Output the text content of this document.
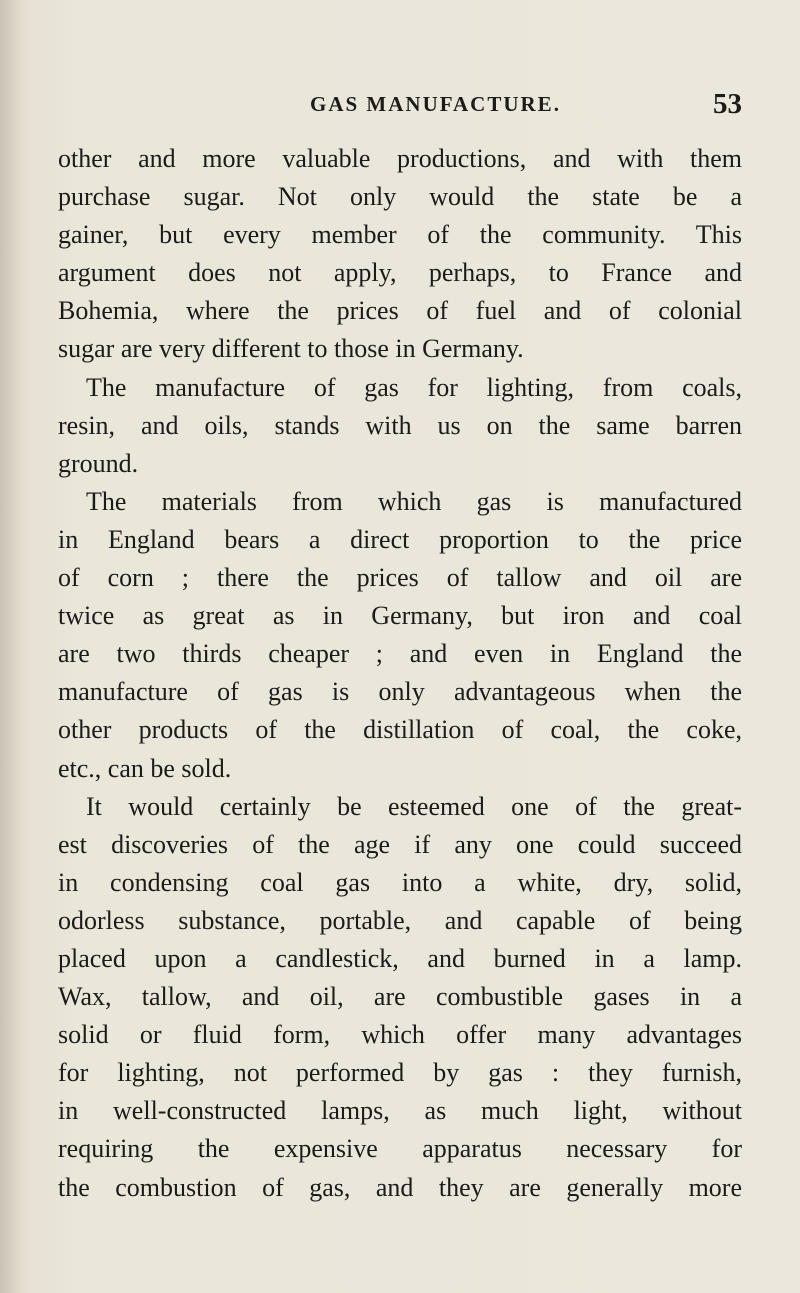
GAS MANUFACTURE.	53
other and more valuable productions, and with them
purchase sugar. Not only would the state be a
gainer, but every member of the community. This
argument does not apply, perhaps, to France and
Bohemia, where the prices of fuel and of colonial
sugar are very different to those in Germany.
The manufacture of gas for lighting, from coals,
resin, and oils, stands with us on the same barren
ground.
The materials from which gas is manufactured
in England bears a direct proportion to the price
of corn ; there the prices of tallow and oil are
twice as great as in Germany, but iron and coal
are two thirds cheaper ; and even in England the
manufacture of gas is only advantageous when the
other products of the distillation of coal, the coke,
etc., can be sold.
It would certainly be esteemed one of the great-
est discoveries of the age if any one could succeed
in condensing coal gas into a white, dry, solid,
odorless substance, portable, and capable of being
placed upon a candlestick, and burned in a lamp.
Wax, tallow, and oil, are combustible gases in a
solid or fluid form, which offer many advantages
for lighting, not performed by gas : they furnish,
in well-constructed lamps, as much light, without
requiring the expensive apparatus necessary for
the combustion of gas, and they are generally more
